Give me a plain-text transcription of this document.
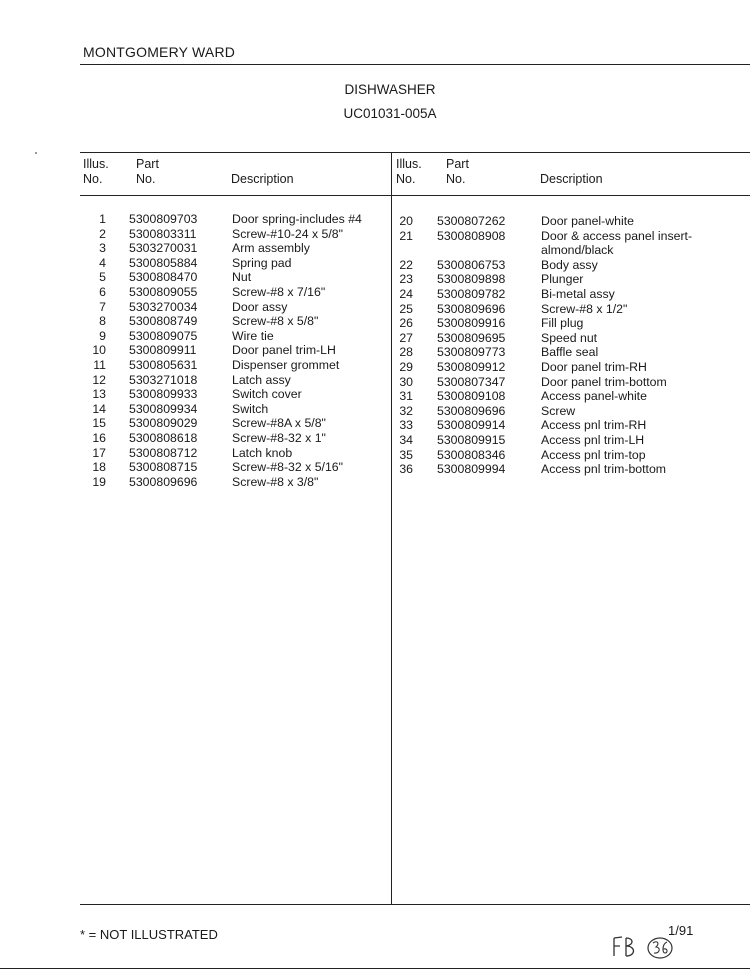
MONTGOMERY WARD
DISHWASHER
UC01031-005A
Illus.
No.
Part
No.	Description
Illus.
No.
Part
No.	Description
1 5300809703	Door spring-includes #4
2 5300803311	Screw-#10-24 x 5/8"
3 5303270031	Arm assembly
4 5300805884	Spring pad
5 5300808470	Nut
6 5300809055	Screw-#8 x 7/16"
7 5303270034	Door assy
8 5300808749	Screw-#8 x 5/8"
9 5300809075	Wire tie
10 5300809911	Door panel trim-LH
11 5300805631	Dispenser grommet
12 5303271018	Latch assy
13 5300809933	Switch cover
14 5300809934	Switch
15 5300809029	Screw-#8A x 5/8"
16 5300808618	Screw-#8-32 x 1"
17 5300808712	Latch knob
18 5300808715	Screw-#8-32 x 5/16"
19 5300809696	Screw-#8 x 3/8"
20 5300807262	Door panel-white
21 5300808908	Door & access panel insert-
almond/black
22 5300806753	Body assy
23 5300809898	Plunger
24 5300809782	Bi-metal assy
25 5300809696	Screw-#8 x 1/2"
26 5300809916	Fill plug
27 5300809695	Speed nut
28 5300809773	Baffle seal
29 5300809912	Door panel trim-RH
30 5300807347	Door panel trim-bottom
31 5300809108	Access panel-white
32 5300809696	Screw
33 5300809914	Access pnl trim-RH
34 5300809915	Access pnl trim-LH
35 5300808346	Access pnl trim-top
36 5300809994	Access pnl trim-bottom
* = NOT ILLUSTRATED	1/91
